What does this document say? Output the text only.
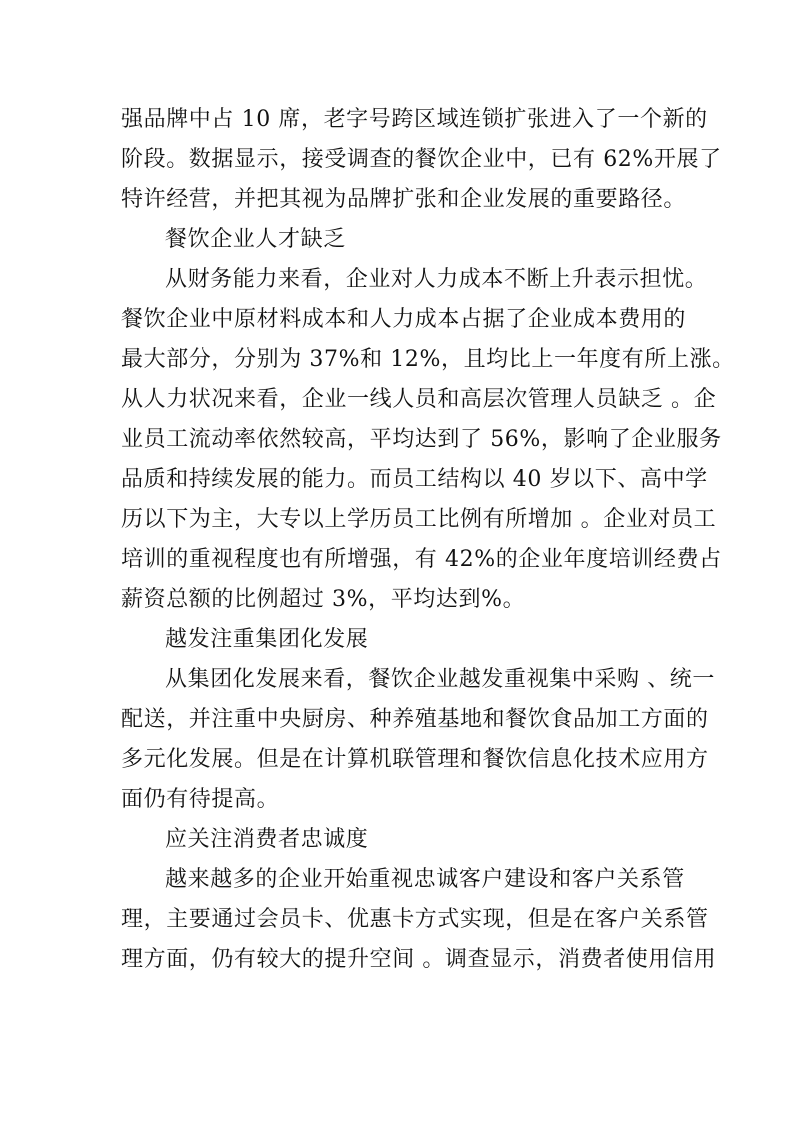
强品牌中占 10 席，老字号跨区域连锁扩张进入了一个新的
阶段。数据显示，接受调查的餐饮企业中，已有 62%开展了
特许经营，并把其视为品牌扩张和企业发展的重要路径。
餐饮企业人才缺乏
从财务能力来看，企业对人力成本不断上升表示担忧。
餐饮企业中原材料成本和人力成本占据了企业成本费用的
最大部分，分别为 37%和 12%，且均比上一年度有所上涨。
从人力状况来看，企业一线人员和高层次管理人员缺乏 。企
业员工流动率依然较高，平均达到了 56%，影响了企业服务
品质和持续发展的能力。而员工结构以 40 岁以下、高中学
历以下为主，大专以上学历员工比例有所增加 。企业对员工
培训的重视程度也有所增强，有 42%的企业年度培训经费占
薪资总额的比例超过 3%，平均达到%。
越发注重集团化发展
从集团化发展来看，餐饮企业越发重视集中采购 、统一
配送，并注重中央厨房、种养殖基地和餐饮食品加工方面的
多元化发展。但是在计算机联管理和餐饮信息化技术应用方
面仍有待提高。
应关注消费者忠诚度
越来越多的企业开始重视忠诚客户建设和客户关系管
理，主要通过会员卡、优惠卡方式实现，但是在客户关系管
理方面，仍有较大的提升空间 。调查显示，消费者使用信用
